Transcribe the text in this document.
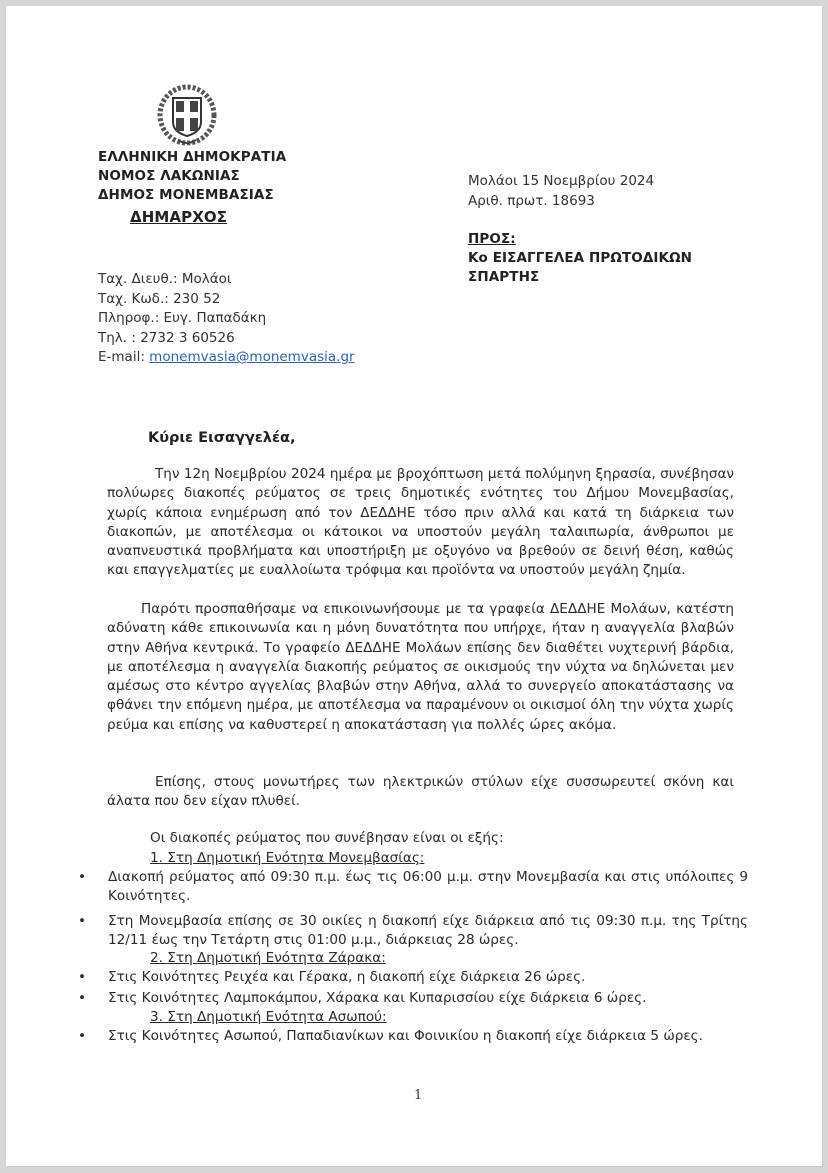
ΕΛΛΗΝΙΚΗ ΔΗΜΟΚΡΑΤΙΑ
ΝΟΜΟΣ ΛΑΚΩΝΙΑΣ
ΔΗΜΟΣ ΜΟΝΕΜΒΑΣΙΑΣ
ΔΗΜΑΡΧΟΣ
Μολάοι 15 Νοεμβρίου 2024
Αριθ. πρωτ. 18693
ΠΡΟΣ:
Κο ΕΙΣΑΓΓΕΛΕΑ ΠΡΩΤΟΔΙΚΩΝ
ΣΠΑΡΤΗΣ
Ταχ. Διευθ.: Μολάοι
Ταχ. Κωδ.: 230 52
Πληροφ.: Ευγ. Παπαδάκη
Τηλ. : 2732 3 60526
E-mail: monemvasia@monemvasia.gr
Κύριε Εισαγγελέα,
Την 12η Νοεμβρίου 2024 ημέρα με βροχόπτωση μετά πολύμηνη ξηρασία, συνέβησαν πολύωρες διακοπές ρεύματος σε τρεις δημοτικές ενότητες του Δήμου Μονεμβασίας, χωρίς κάποια ενημέρωση από τον ΔΕΔΔΗΕ τόσο πριν αλλά και κατά τη διάρκεια των διακοπών, με αποτέλεσμα οι κάτοικοι να υποστούν μεγάλη ταλαιπωρία, άνθρωποι με αναπνευστικά προβλήματα και υποστήριξη με οξυγόνο να βρεθούν σε δεινή θέση, καθώς και επαγγελματίες με ευαλλοίωτα τρόφιμα και προϊόντα να υποστούν μεγάλη ζημία.
Παρότι προσπαθήσαμε να επικοινωνήσουμε με τα γραφεία ΔΕΔΔΗΕ Μολάων, κατέστη αδύνατη κάθε επικοινωνία και η μόνη δυνατότητα που υπήρχε, ήταν η αναγγελία βλαβών στην Αθήνα κεντρικά. Το γραφείο ΔΕΔΔΗΕ Μολάων επίσης δεν διαθέτει νυχτερινή βάρδια, με αποτέλεσμα η αναγγελία διακοπής ρεύματος σε οικισμούς την νύχτα να δηλώνεται μεν αμέσως στο κέντρο αγγελίας βλαβών στην Αθήνα, αλλά το συνεργείο αποκατάστασης να φθάνει την επόμενη ημέρα, με αποτέλεσμα να παραμένουν οι οικισμοί όλη την νύχτα χωρίς ρεύμα και επίσης να καθυστερεί η αποκατάσταση για πολλές ώρες ακόμα.
Επίσης, στους μονωτήρες των ηλεκτρικών στύλων είχε συσσωρευτεί σκόνη και άλατα που δεν είχαν πλυθεί.
Οι διακοπές ρεύματος που συνέβησαν είναι οι εξής:
1. Στη Δημοτική Ενότητα Μονεμβασίας:
• Διακοπή ρεύματος από 09:30 π.μ. έως τις 06:00 μ.μ. στην Μονεμβασία και στις υπόλοιπες 9 Κοινότητες.
• Στη Μονεμβασία επίσης σε 30 οικίες η διακοπή είχε διάρκεια από τις 09:30 π.μ. της Τρίτης 12/11 έως την Τετάρτη στις 01:00 μ.μ., διάρκειας 28 ώρες.
2. Στη Δημοτική Ενότητα Ζάρακα:
• Στις Κοινότητες Ρειχέα και Γέρακα, η διακοπή είχε διάρκεια 26 ώρες.
• Στις Κοινότητες Λαμποκάμπου, Χάρακα και Κυπαρισσίου είχε διάρκεια 6 ώρες.
3. Στη Δημοτική Ενότητα Ασωπού:
• Στις Κοινότητες Ασωπού, Παπαδιανίκων και Φοινικίου η διακοπή είχε διάρκεια 5 ώρες.
1
